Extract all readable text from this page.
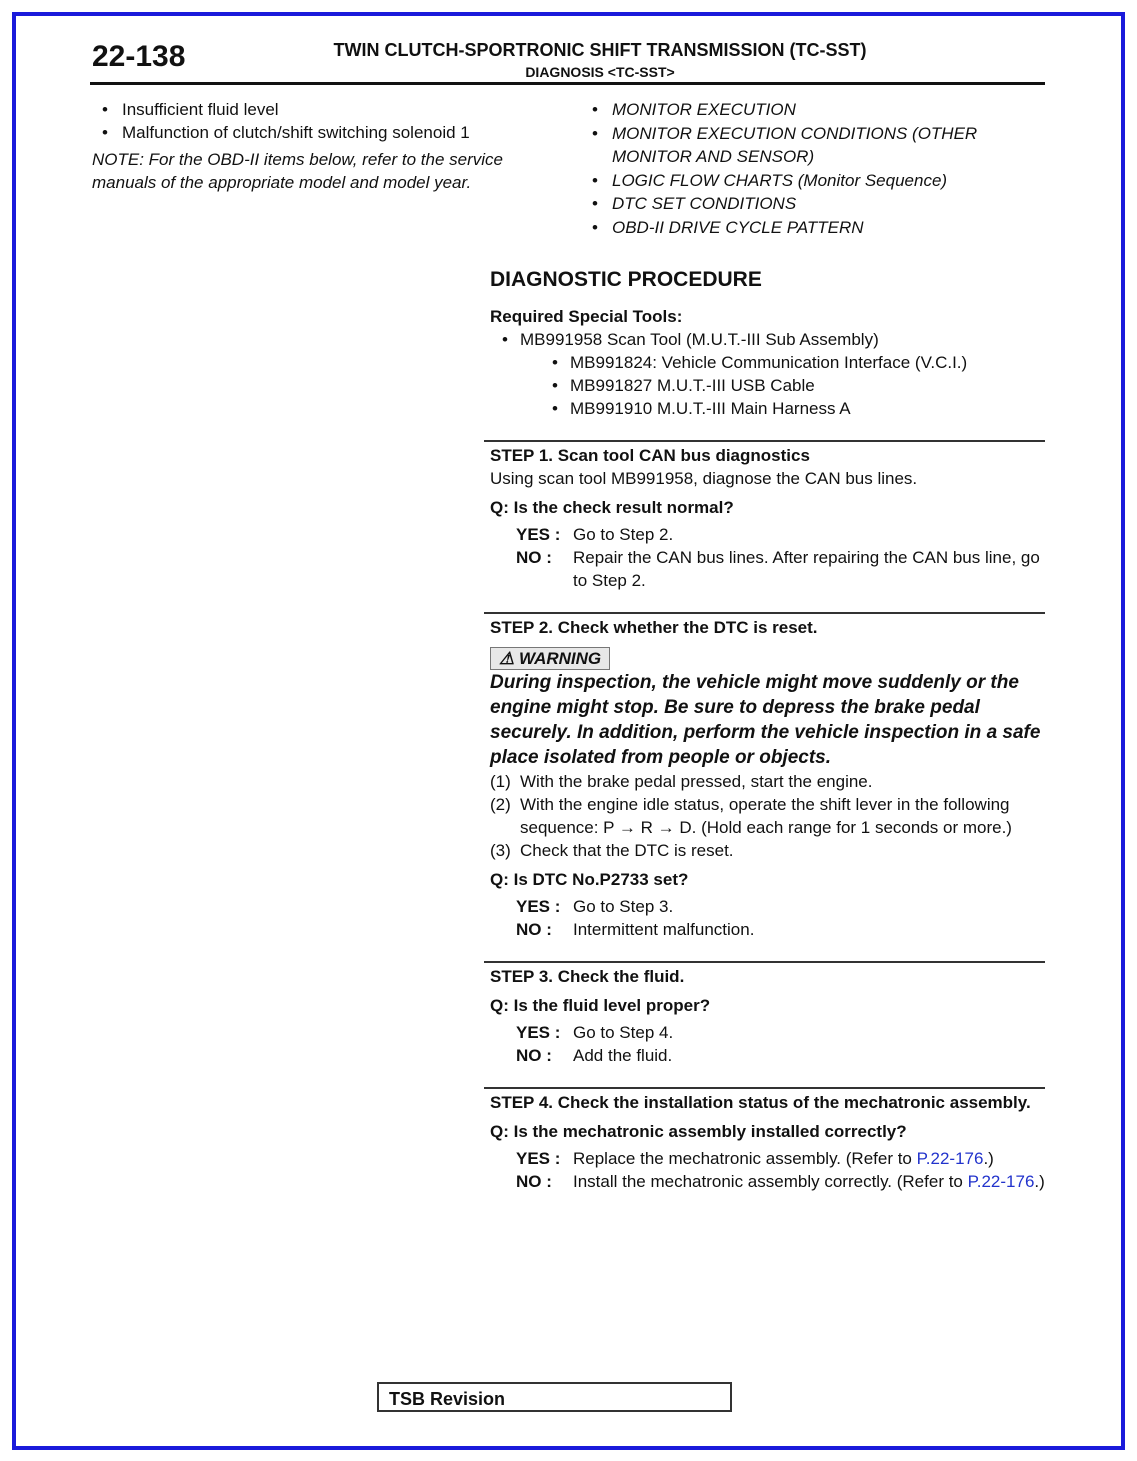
22-138	TWIN CLUTCH-SPORTRONIC SHIFT TRANSMISSION (TC-SST)
DIAGNOSIS <TC-SST>
• Insufficient fluid level
• Malfunction of clutch/shift switching solenoid 1
NOTE: For the OBD-II items below, refer to the service manuals of the appropriate model and model year.
• MONITOR EXECUTION
• MONITOR EXECUTION CONDITIONS (OTHER MONITOR AND SENSOR)
• LOGIC FLOW CHARTS (Monitor Sequence)
• DTC SET CONDITIONS
• OBD-II DRIVE CYCLE PATTERN
DIAGNOSTIC PROCEDURE
Required Special Tools:
• MB991958 Scan Tool (M.U.T.-III Sub Assembly)
• MB991824: Vehicle Communication Interface (V.C.I.)
• MB991827 M.U.T.-III USB Cable
• MB991910 M.U.T.-III Main Harness A
STEP 1. Scan tool CAN bus diagnostics
Using scan tool MB991958, diagnose the CAN bus lines.
Q: Is the check result normal?
YES : Go to Step 2.
NO :	Repair the CAN bus lines. After repairing the CAN bus line, go to Step 2.
STEP 2. Check whether the DTC is reset.
⚠ WARNING
During inspection, the vehicle might move suddenly or the engine might stop. Be sure to depress the brake pedal securely. In addition, perform the vehicle inspection in a safe place isolated from people or objects.
(1) With the brake pedal pressed, start the engine.
(2) With the engine idle status, operate the shift lever in the following sequence: P → R → D. (Hold each range for 1 seconds or more.)
(3) Check that the DTC is reset.
Q: Is DTC No.P2733 set?
YES : Go to Step 3.
NO :	Intermittent malfunction.
STEP 3. Check the fluid.
Q: Is the fluid level proper?
YES : Go to Step 4.
NO :	Add the fluid.
STEP 4. Check the installation status of the mechatronic assembly.
Q: Is the mechatronic assembly installed correctly?
YES : Replace the mechatronic assembly. (Refer to P.22-176.)
NO :	Install the mechatronic assembly correctly. (Refer to P.22-176.)
TSB Revision
